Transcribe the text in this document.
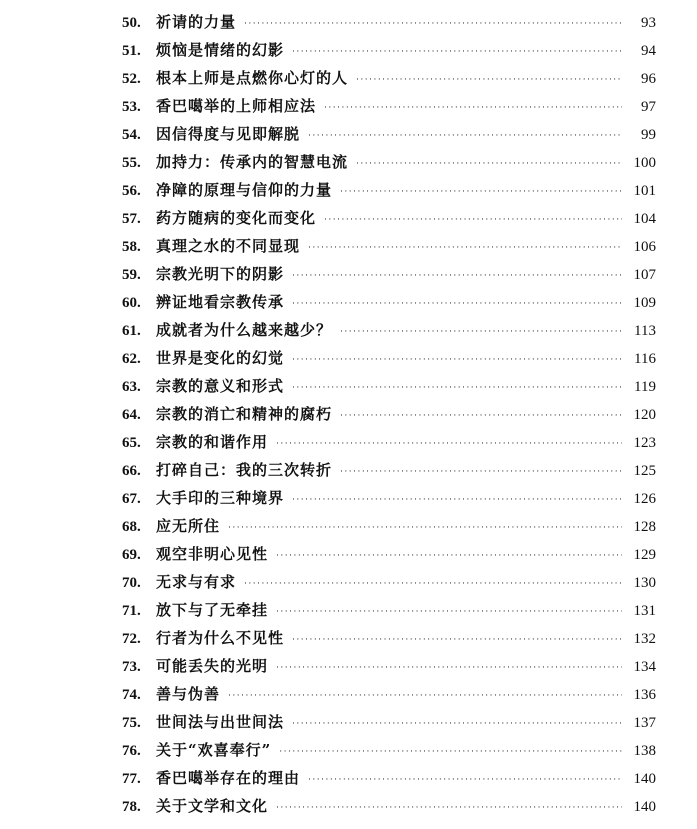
50.	祈请的力量 ·····	93
51.	烦恼是情绪的幻影 ·····	94
52.	根本上师是点燃你心灯的人 ·····	96
53.	香巴噶举的上师相应法 ·····	97
54.	因信得度与见即解脱 ·····	99
55.	加持力：传承内的智慧电流 ·····	100
56.	净障的原理与信仰的力量 ·····	101
57.	药方随病的变化而变化 ·····	104
58.	真理之水的不同显现 ·····	106
59.	宗教光明下的阴影 ·····	107
60.	辨证地看宗教传承 ·····	109
61.	成就者为什么越来越少？ ·····	113
62.	世界是变化的幻觉 ·····	116
63.	宗教的意义和形式 ·····	119
64.	宗教的消亡和精神的腐朽 ·····	120
65.	宗教的和谐作用 ·····	123
66.	打碎自己：我的三次转折 ·····	125
67.	大手印的三种境界 ·····	126
68.	应无所住 ·····	128
69.	观空非明心见性 ·····	129
70.	无求与有求 ·····	130
71.	放下与了无牵挂 ·····	131
72.	行者为什么不见性 ·····	132
73.	可能丢失的光明 ·····	134
74.	善与伪善 ·····	136
75.	世间法与出世间法 ·····	137
76.	关于“欢喜奉行” ·····	138
77.	香巴噶举存在的理由 ·····	140
78.	关于文学和文化 ·····	140
